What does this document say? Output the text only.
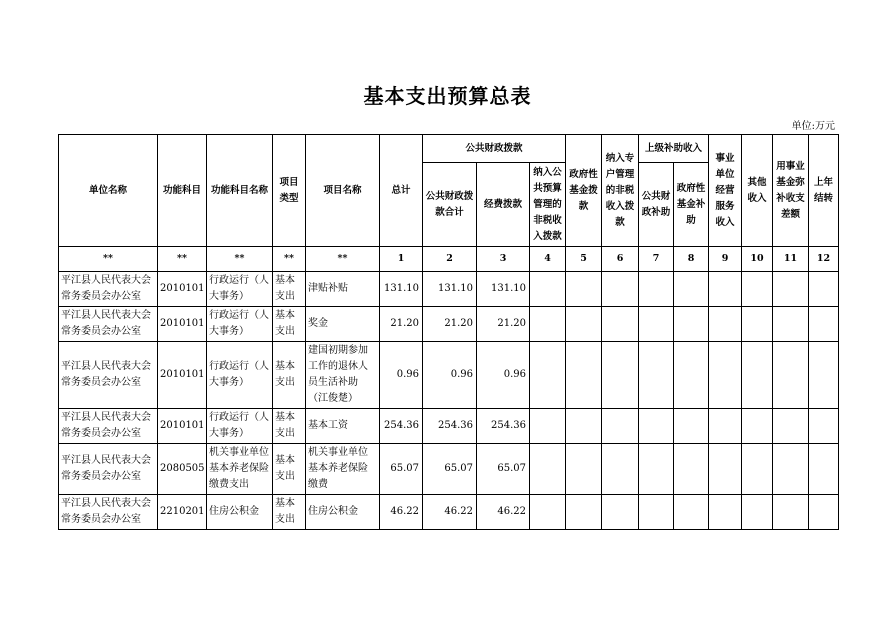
基本支出预算总表
单位:万元
单位名称	功能科目	功能科目名称	项目类型	项目名称	总计	公共财政拨款			政府性基金拨款	纳入专户管理的非税收入拨款	上级补助收入		事业单位经营服务收入	其他收入	用事业基金弥补收支差额	上年结转
						公共财政拨款合计	经费拨款	纳入公共预算管理的非税收入拨款			公共财政补助	政府性基金补助				

**	**	**	**	**	1	2	3	4	5	6	7	8	9	10	11	12
平江县人民代表大会常务委员会办公室	2010101	行政运行（人大事务）	基本支出	津贴补贴	131.10	131.10	131.10									
平江县人民代表大会常务委员会办公室	2010101	行政运行（人大事务）	基本支出	奖金	21.20	21.20	21.20									
平江县人民代表大会常务委员会办公室	2010101	行政运行（人大事务）	基本支出	建国初期参加工作的退休人员生活补助（江俊楚）	0.96	0.96	0.96									
平江县人民代表大会常务委员会办公室	2010101	行政运行（人大事务）	基本支出	基本工资	254.36	254.36	254.36									
平江县人民代表大会常务委员会办公室	2080505	机关事业单位基本养老保险缴费支出	基本支出	机关事业单位基本养老保险缴费	65.07	65.07	65.07									
平江县人民代表大会常务委员会办公室	2210201	住房公积金	基本支出	住房公积金	46.22	46.22	46.22									
